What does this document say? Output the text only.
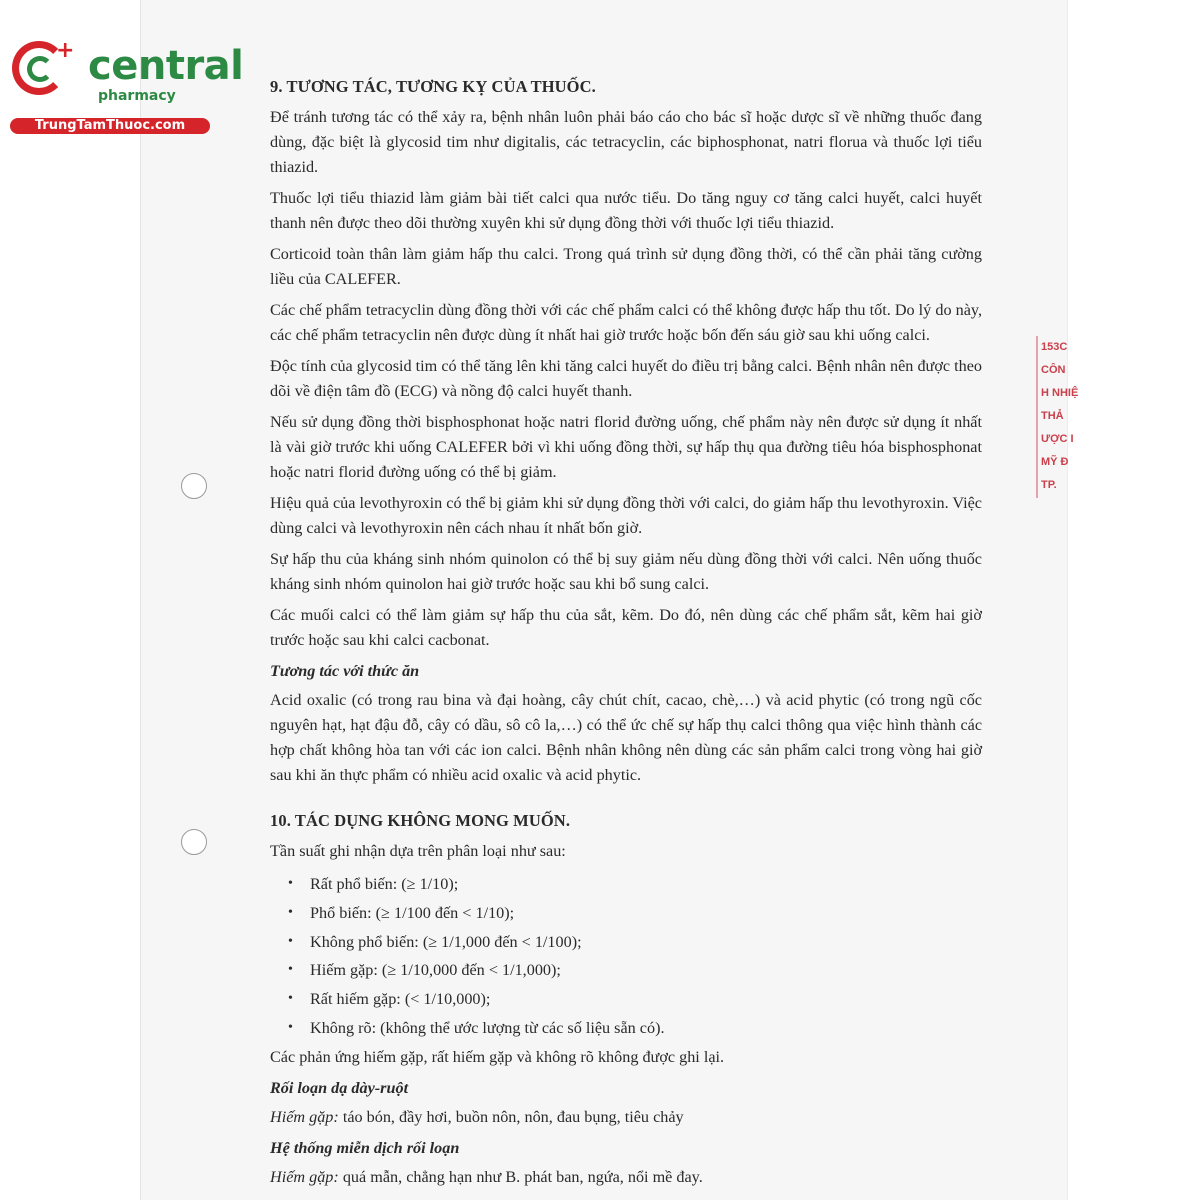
+ central
pharmacy
TrungTamThuoc.com
153C
CÔN
H NHIỆ
THẢ
ƯỢC I
MỸ Đ
TP.
9. TƯƠNG TÁC, TƯƠNG KỴ CỦA THUỐC.

Để tránh tương tác có thể xảy ra, bệnh nhân luôn phải báo cáo cho bác sĩ hoặc dược sĩ về những thuốc đang dùng, đặc biệt là glycosid tim như digitalis, các tetracyclin, các biphosphonat, natri florua và thuốc lợi tiểu thiazid.

Thuốc lợi tiểu thiazid làm giảm bài tiết calci qua nước tiểu. Do tăng nguy cơ tăng calci huyết, calci huyết thanh nên được theo dõi thường xuyên khi sử dụng đồng thời với thuốc lợi tiểu thiazid.

Corticoid toàn thân làm giảm hấp thu calci. Trong quá trình sử dụng đồng thời, có thể cần phải tăng cường liều của CALEFER.

Các chế phẩm tetracyclin dùng đồng thời với các chế phẩm calci có thể không được hấp thu tốt. Do lý do này, các chế phẩm tetracyclin nên được dùng ít nhất hai giờ trước hoặc bốn đến sáu giờ sau khi uống calci.

Độc tính của glycosid tim có thể tăng lên khi tăng calci huyết do điều trị bằng calci. Bệnh nhân nên được theo dõi về điện tâm đồ (ECG) và nồng độ calci huyết thanh.

Nếu sử dụng đồng thời bisphosphonat hoặc natri florid đường uống, chế phẩm này nên được sử dụng ít nhất là vài giờ trước khi uống CALEFER bởi vì khi uống đồng thời, sự hấp thụ qua đường tiêu hóa bisphosphonat hoặc natri florid đường uống có thể bị giảm.

Hiệu quả của levothyroxin có thể bị giảm khi sử dụng đồng thời với calci, do giảm hấp thu levothyroxin. Việc dùng calci và levothyroxin nên cách nhau ít nhất bốn giờ.

Sự hấp thu của kháng sinh nhóm quinolon có thể bị suy giảm nếu dùng đồng thời với calci. Nên uống thuốc kháng sinh nhóm quinolon hai giờ trước hoặc sau khi bổ sung calci.

Các muối calci có thể làm giảm sự hấp thu của sắt, kẽm. Do đó, nên dùng các chế phẩm sắt, kẽm hai giờ trước hoặc sau khi calci cacbonat.

Tương tác với thức ăn

Acid oxalic (có trong rau bina và đại hoàng, cây chút chít, cacao, chè,…) và acid phytic (có trong ngũ cốc nguyên hạt, hạt đậu đỗ, cây có dầu, sô cô la,…) có thể ức chế sự hấp thụ calci thông qua việc hình thành các hợp chất không hòa tan với các ion calci. Bệnh nhân không nên dùng các sản phẩm calci trong vòng hai giờ sau khi ăn thực phẩm có nhiều acid oxalic và acid phytic.

10. TÁC DỤNG KHÔNG MONG MUỐN.

Tần suất ghi nhận dựa trên phân loại như sau:

• Rất phổ biến: (≥ 1/10);
• Phổ biến: (≥ 1/100 đến < 1/10);
• Không phổ biến: (≥ 1/1,000 đến < 1/100);
• Hiếm gặp: (≥ 1/10,000 đến < 1/1,000);
• Rất hiếm gặp: (< 1/10,000);
• Không rõ: (không thể ước lượng từ các số liệu sẵn có).

Các phản ứng hiếm gặp, rất hiếm gặp và không rõ không được ghi lại.

Rối loạn dạ dày-ruột

Hiếm gặp: táo bón, đầy hơi, buồn nôn, nôn, đau bụng, tiêu chảy

Hệ thống miễn dịch rối loạn

Hiếm gặp: quá mẫn, chẳng hạn như B. phát ban, ngứa, nổi mề đay.
